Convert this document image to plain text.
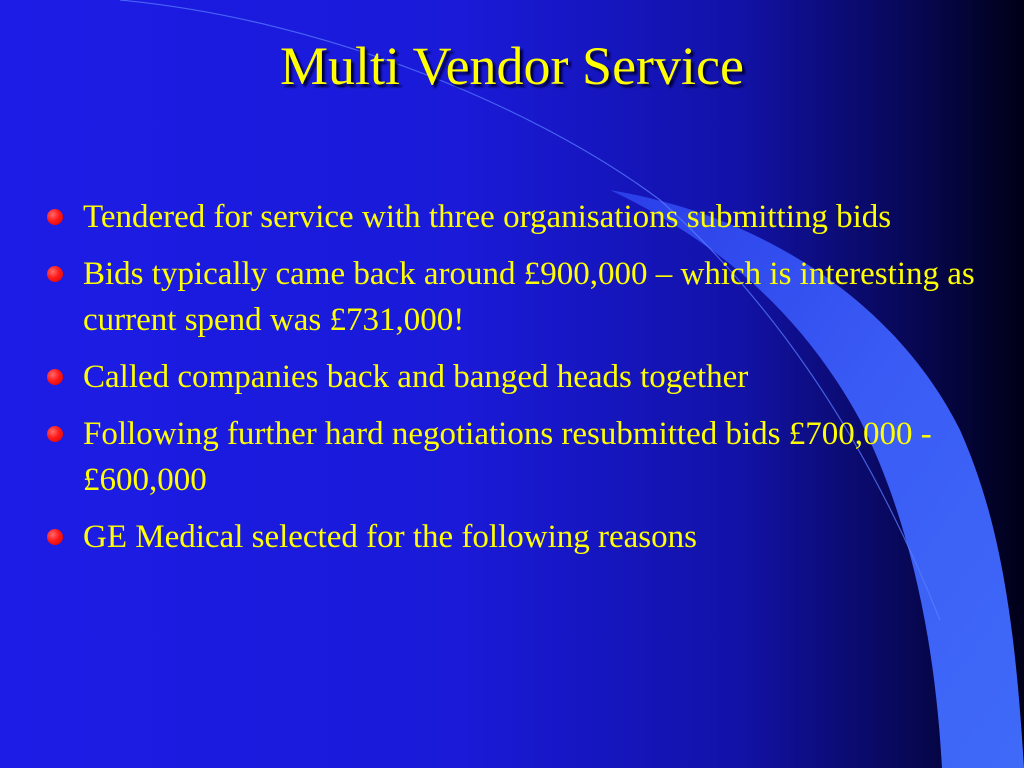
Multi Vendor Service
Tendered for service with three organisations submitting bids
Bids typically came back around £900,000 – which is interesting as current spend was £731,000!
Called companies back and banged heads together
Following further hard negotiations resubmitted bids £700,000 - £600,000
GE Medical selected for the following reasons
